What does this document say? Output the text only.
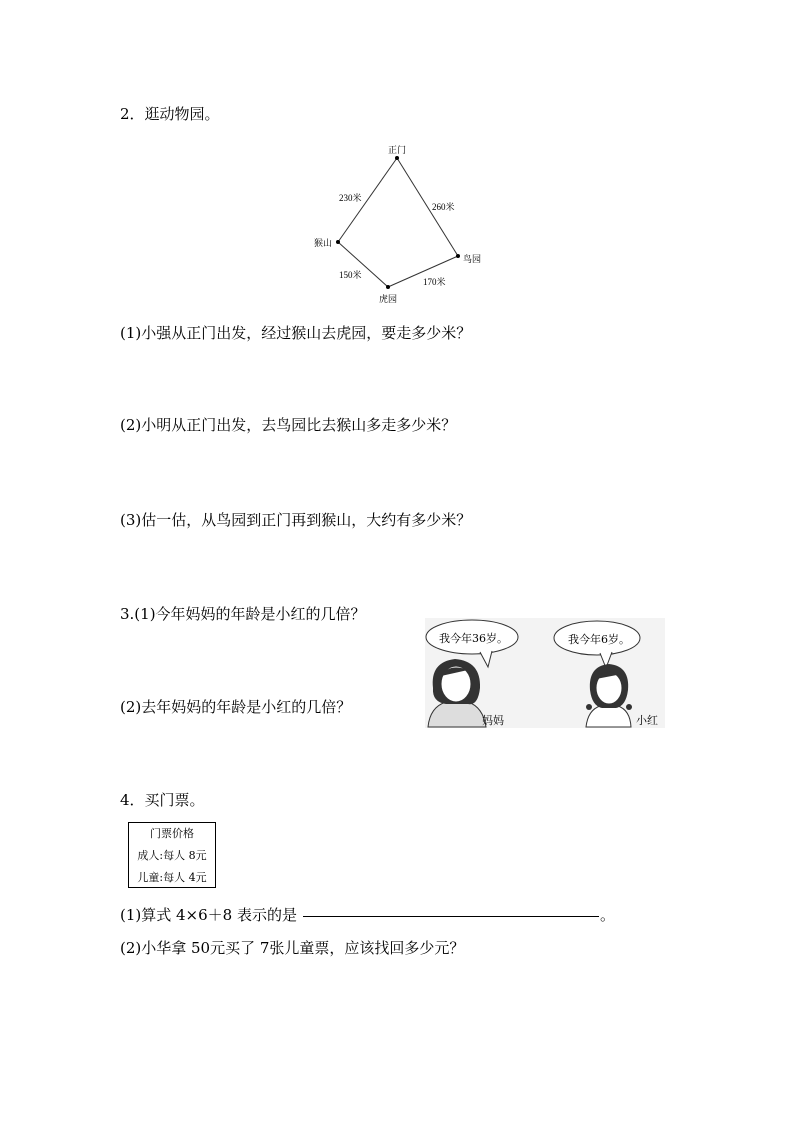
2．逛动物园。
正门
猴山
虎园
鸟园
230米
260米
150米
170米
(1)小强从正门出发，经过猴山去虎园，要走多少米？
(2)小明从正门出发，去鸟园比去猴山多走多少米？
(3)估一估，从鸟园到正门再到猴山，大约有多少米？
3.(1)今年妈妈的年龄是小红的几倍？
(2)去年妈妈的年龄是小红的几倍？
我今年36岁。	我今年6岁。
妈妈	小红
4．买门票。
门票价格
成人:每人 8元
儿童:每人 4元
(1)算式 4×6＋8 表示的是	。
(2)小华拿 50元买了 7张儿童票，应该找回多少元？
